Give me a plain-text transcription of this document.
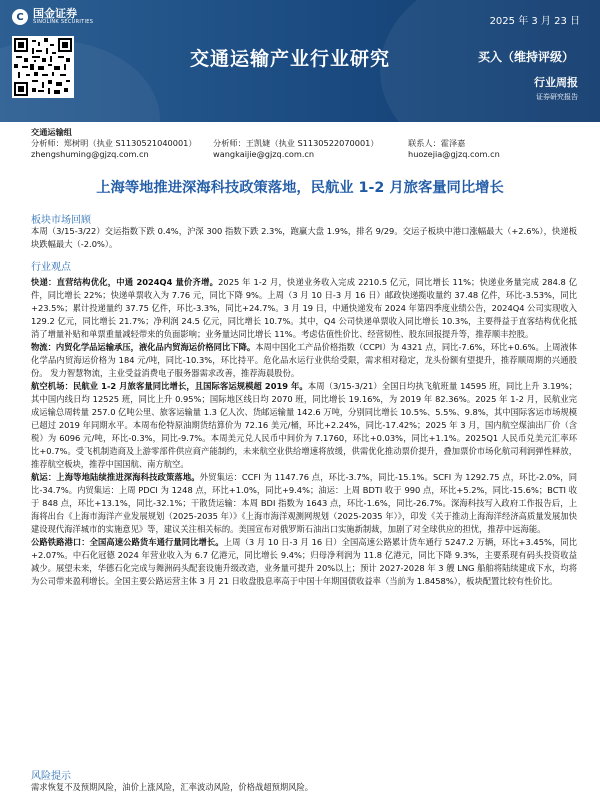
C 国金证券
SINOLINK SECURITIES	2025 年 3 月 23 日
交通运输产业行业研究	买入（维持评级）
行业周报
证券研究报告
交通运输组
分析师：郑树明（执业 S1130521040001）	分析师：王凯婕（执业 S1130522070001）	联系人：霍泽嘉
zhengshuming@gjzq.com.cn	wangkaijie@gjzq.com.cn	huozejia@gjzq.com.cn
上海等地推进深海科技政策落地，民航业 1-2 月旅客量同比增长
板块市场回顾

本周（3/15-3/22）交运指数下跌 0.4%，沪深 300 指数下跌 2.3%，跑赢大盘 1.9%，排名 9/29。交运子板块中港口涨幅最大（+2.6%），快递板块跌幅最大（-2.0%）。

行业观点

快递：直营结构优化，中通 2024Q4 量价齐增。2025 年 1-2 月，快递业务收入完成 2210.5 亿元，同比增长 11%；快递业务量完成 284.8 亿件，同比增长 22%；快递单票收入为 7.76 元，同比下降 9%。上周（3 月 10 日-3 月 16 日）邮政快递揽收量约 37.48 亿件，环比-3.53%，同比+23.5%；累计投递量约 37.75 亿件，环比-3.3%，同比+24.7%。3 月 19 日，中通快递发布 2024 年第四季度业绩公告，2024Q4 公司实现收入 129.2 亿元，同比增长 21.7%；净利润 24.5 亿元，同比增长 10.7%。其中，Q4 公司快递单票收入同比增长 10.3%，主要得益于直客结构优化抵消了增量补贴和单票重量减轻带来的负面影响；业务量达同比增长 11%。考虑估值性价比、经营韧性、股东回报提升等，推荐顺丰控股。

物流：内贸化学品运输承压，液化品内贸海运价格同比下降。本周中国化工产品价格指数（CCPI）为 4321 点，同比-7.6%，环比+0.6%。上周液体化学品内贸海运价格为 184 元/吨，同比-10.3%，环比持平。危化品水运行业供给受限，需求相对稳定，龙头份额有望提升，推荐顺周期的兴通股份。 发力智慧物流，主业受益消费电子服务器需求改善，推荐海晨股份。

航空机场：民航业 1-2 月旅客量同比增长，且国际客运规模超 2019 年。本周（3/15-3/21）全国日均执飞航班量 14595 班，同比上升 3.19%；其中国内线日均 12525 班，同比上升 0.95%；国际地区线日均 2070 班，同比增长 19.16%，为 2019 年 82.36%。2025 年 1-2 月，民航业完成运输总周转量 257.0 亿吨公里、旅客运输量 1.3 亿人次、货邮运输量 142.6 万吨，分别同比增长 10.5%、5.5%、9.8%，其中国际客运市场规模已超过 2019 年同期水平。本周布伦特原油期货结算价为 72.16 美元/桶，环比+2.24%，同比-17.42%；2025 年 3 月，国内航空煤油出厂价（含税）为 6096 元/吨，环比-0.3%，同比-9.7%。本周美元兑人民币中间价为 7.1760，环比+0.03%，同比+1.1%。2025Q1 人民币兑美元汇率环比+0.7%。受飞机制造商及上游零部件供应商产能制约，未来航空业供给增速将放缓，供需优化推动票价提升，叠加票价市场化航司利润弹性释放，推荐航空板块，推荐中国国航、南方航空。

航运：上海等地陆续推进深海科技政策落地。外贸集运：CCFI 为 1147.76 点，环比-3.7%，同比-15.1%。SCFI 为 1292.75 点，环比-2.0%，同比-34.7%。内贸集运：上周 PDCI 为 1248 点，环比+1.0%，同比+9.4%；油运：上周 BDTI 收于 990 点，环比+5.2%，同比-15.6%；BCTI 收于 848 点，环比+13.1%，同比-32.1%；干散货运输：本周 BDI 指数为 1643 点，环比-1.6%，同比-26.7%。深海科技写入政府工作报告后，上海将出台《上海市海洋产业发展规划（2025-2035 年）》《上海市海洋观测网规划（2025-2035 年）》，印发《关于推动上海海洋经济高质量发展加快建设现代海洋城市的实施意见》等，建议关注相关标的。美国宣布对俄罗斯石油出口实施新制裁，加剧了对全球供应的担忧，推荐中远海能。

公路铁路港口：全国高速公路货车通行量同比增长。上周（3 月 10 日-3 月 16 日）全国高速公路累计货车通行 5247.2 万辆，环比+3.45%，同比+2.07%。中石化冠德 2024 年营业收入为 6.7 亿港元，同比增长 9.4%；归母净利润为 11.8 亿港元，同比下降 9.3%，主要系现有码头投资收益减少。展望未来，华德石化完成与舞洲码头配套设施升级改造，业务量可提升 20%以上；预计 2027-2028 年 3 艘 LNG 船舶将陆续建成下水，均将为公司带来盈利增长。全国主要公路运营主体 3 月 21 日收盘股息率高于中国十年期国债收益率（当前为 1.8458%），板块配置比较有性价比。

风险提示

需求恢复不及预期风险，油价上涨风险，汇率波动风险，价格战超预期风险。
